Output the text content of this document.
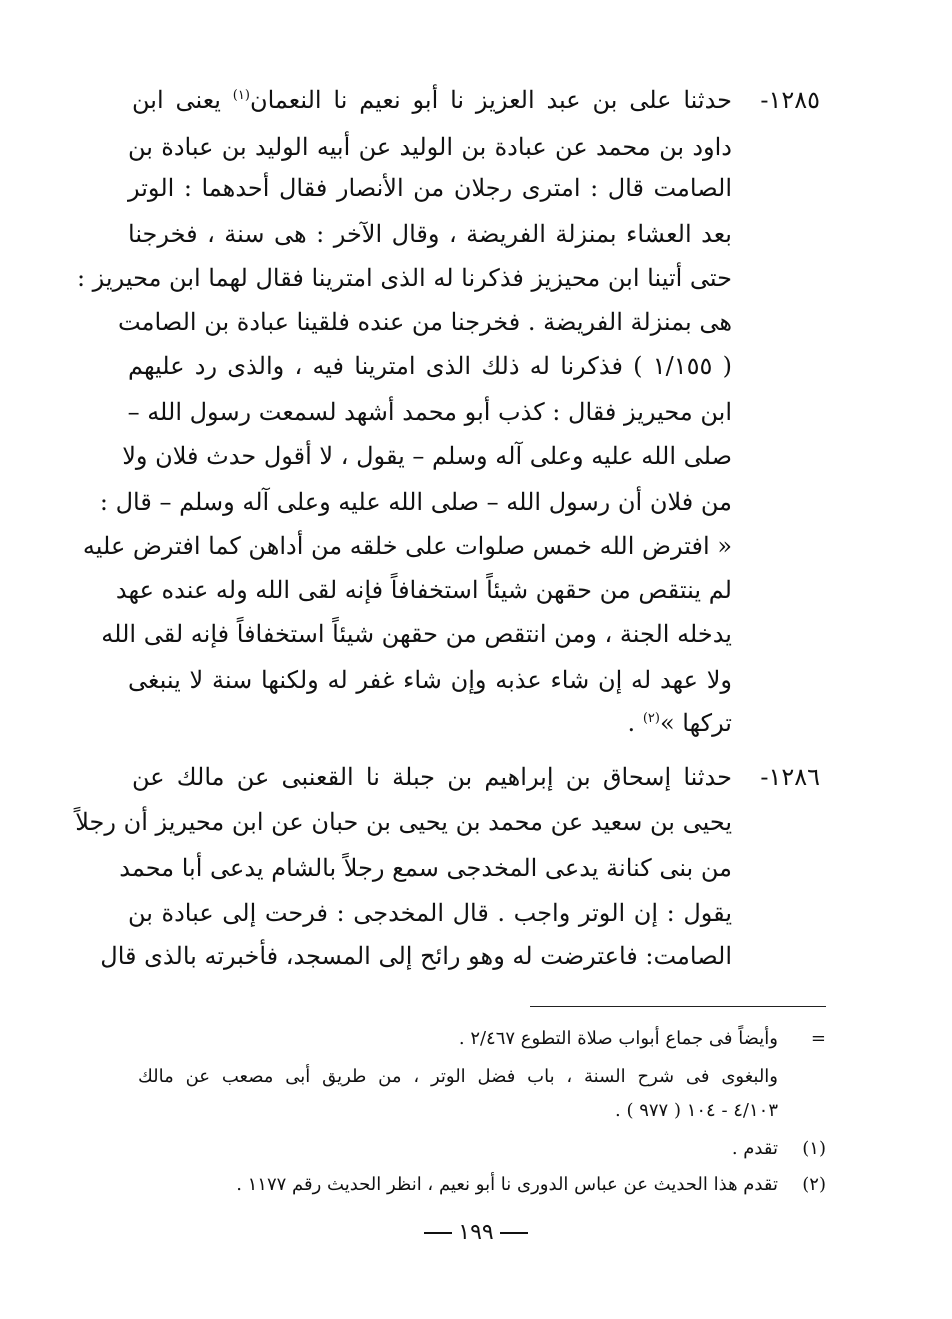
١٢٨٥-حدثنا على بن عبد العزيز نا أبو نعيم نا النعمان$^{(١)}$ يعنى ابن
داود بن محمد عن عبادة بن الوليد عن أبيه الوليد بن عبادة بن
الصامت قال : امترى رجلان من الأنصار فقال أحدهما : الوتر
بعد العشاء بمنزلة الفريضة ، وقال الآخر : هى سنة ، فخرجنا
حتى أتينا ابن محيزيز فذكرنا له الذى امترينا فقال لهما ابن محيريز :
هى بمنزلة الفريضة . فخرجنا من عنده فلقينا عبادة بن الصامت
( ١/١٥٥ ) فذكرنا له ذلك الذى امترينا فيه ، والذى رد عليهم
ابن محيريز فقال : كذب أبو محمد أشهد لسمعت رسول الله –
صلى الله عليه وعلى آله وسلم – يقول ، لا أقول حدث فلان ولا
من فلان أن رسول الله – صلى الله عليه وعلى آله وسلم – قال :
« افترض الله خمس صلوات على خلقه من أداهن كما افترض عليه
لم ينتقص من حقهن شيئاً استخفافاً فإنه لقى الله وله عنده عهد
يدخله الجنة ، ومن انتقص من حقهن شيئاً استخفافاً فإنه لقى الله
ولا عهد له إن شاء عذبه وإن شاء غفر له ولكنها سنة لا ينبغى
تركها »$^{(٢)}$ .
١٢٨٦-حدثنا إسحاق بن إبراهيم بن جبلة نا القعنبى عن مالك عن
يحيى بن سعيد عن محمد بن يحيى بن حبان عن ابن محيريز أن رجلاً
من بنى كنانة يدعى المخدجى سمع رجلاً بالشام يدعى أبا محمد
يقول : إن الوتر واجب . قال المخدجى : فرحت إلى عبادة بن
الصامت: فاعترضت له وهو رائح إلى المسجد، فأخبرته بالذى قال
=وأيضاً فى جماع أبواب صلاة التطوع ٢/٤٦٧ .
والبغوى فى شرح السنة ، باب فضل الوتر ، من طريق أبى مصعب عن مالك
٤/١٠٣ - ١٠٤ ( ٩٧٧ ) .
(١)تقدم .
(٢)تقدم هذا الحديث عن عباس الدورى نا أبو نعيم ، انظر الحديث رقم ١١٧٧ .
١٩٩
